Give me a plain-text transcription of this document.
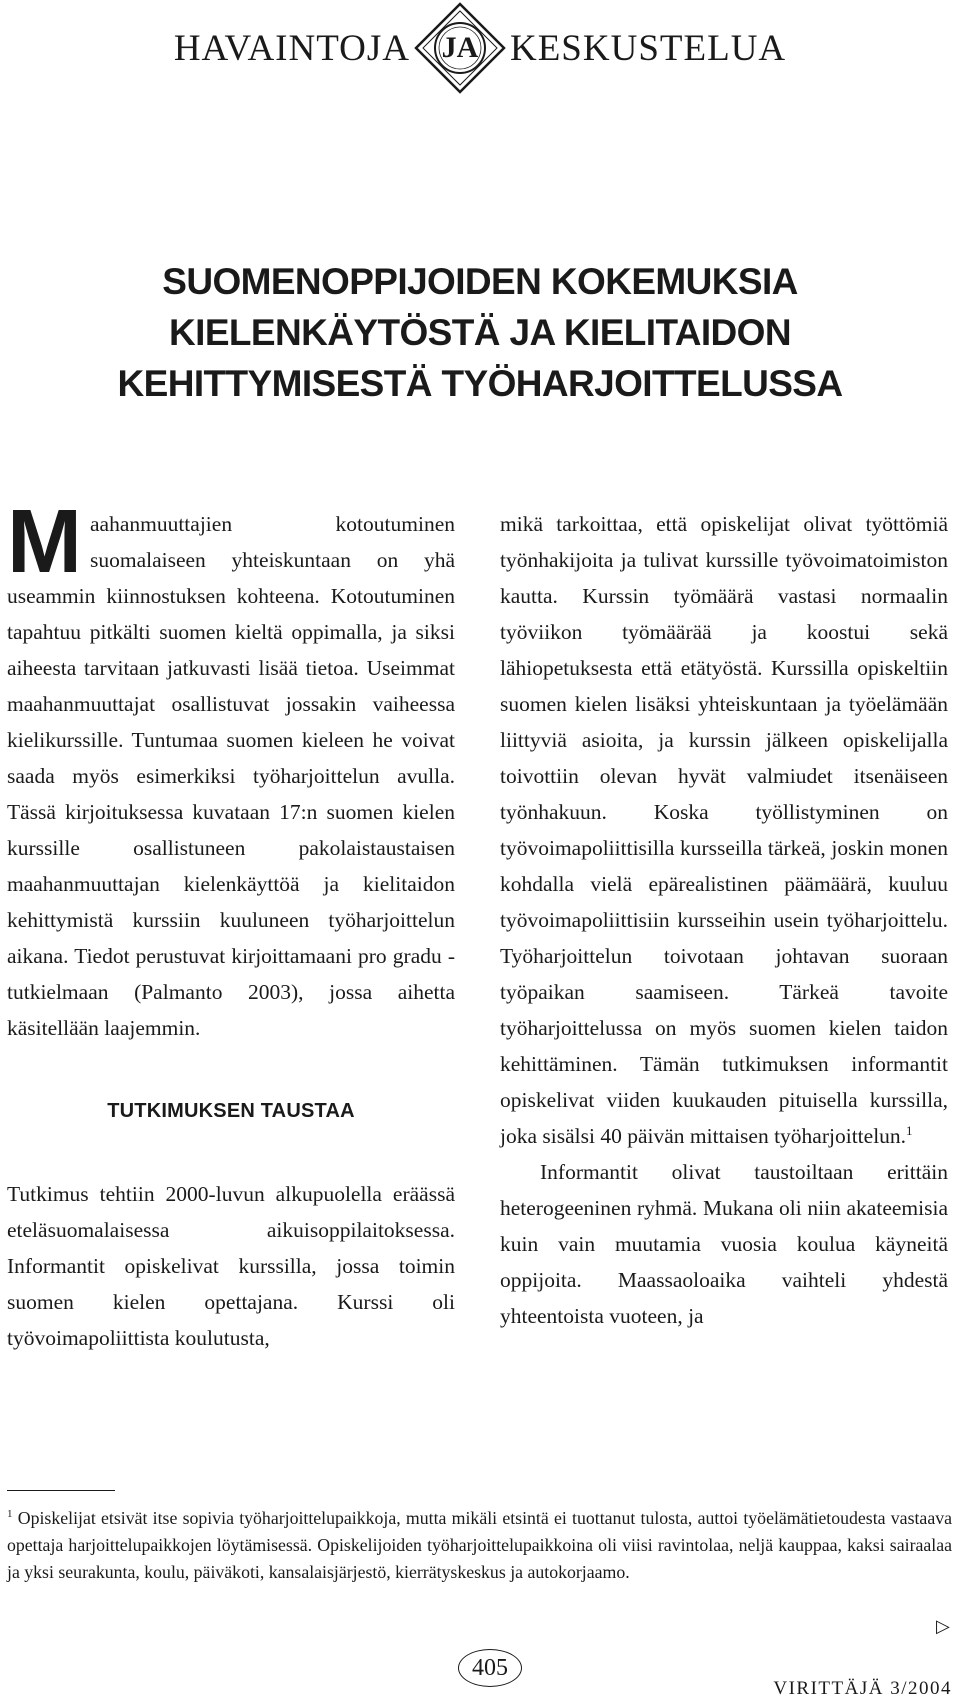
HAVAINTOJA JA KESKUSTELUA
SUOMENOPPIJOIDEN KOKEMUKSIA
KIELENKÄYTÖSTÄ JA KIELITAIDON
KEHITTYMISESTÄ TYÖHARJOITTELUSSA

Maahanmuuttajien kotoutuminen suomalaiseen yhteiskuntaan on yhä useammin kiinnostuksen kohteena. Kotoutuminen tapahtuu pitkälti suomen kieltä oppimalla, ja siksi aiheesta tarvitaan jatkuvasti lisää tietoa. Useimmat maahanmuuttajat osallistuvat jossakin vaiheessa kielikurssille. Tuntumaa suomen kieleen he voivat saada myös esimerkiksi työharjoittelun avulla. Tässä kirjoituksessa kuvataan 17:n suomen kielen kurssille osallistuneen pakolaistaustaisen maahanmuuttajan kielenkäyttöä ja kielitaidon kehittymistä kurssiin kuuluneen työharjoittelun aikana. Tiedot perustuvat kirjoittamaani pro gradu -tutkielmaan (Palmanto 2003), jossa aihetta käsitellään laajemmin.

TUTKIMUKSEN TAUSTAA

Tutkimus tehtiin 2000-luvun alkupuolella eräässä eteläsuomalaisessa aikuisoppilaitoksessa. Informantit opiskelivat kurssilla, jossa toimin suomen kielen opettajana. Kurssi oli työvoimapoliittista koulutusta,

mikä tarkoittaa, että opiskelijat olivat työttömiä työnhakijoita ja tulivat kurssille työvoimatoimiston kautta. Kurssin työmäärä vastasi normaalin työviikon työmäärää ja koostui sekä lähiopetuksesta että etätyöstä. Kurssilla opiskeltiin suomen kielen lisäksi yhteiskuntaan ja työelämään liittyviä asioita, ja kurssin jälkeen opiskelijalla toivottiin olevan hyvät valmiudet itsenäiseen työnhakuun. Koska työllistyminen on työvoimapoliittisilla kursseilla tärkeä, joskin monen kohdalla vielä epärealistinen päämäärä, kuuluu työvoimapoliittisiin kursseihin usein työharjoittelu. Työharjoittelun toivotaan johtavan suoraan työpaikan saamiseen. Tärkeä tavoite työharjoittelussa on myös suomen kielen taidon kehittäminen. Tämän tutkimuksen informantit opiskelivat viiden kuukauden pituisella kurssilla, joka sisälsi 40 päivän mittaisen työharjoittelun.$^1$

Informantit olivat taustoiltaan erittäin heterogeeninen ryhmä. Mukana oli niin akateemisia kuin vain muutamia vuosia koulua käyneitä oppijoita. Maassaoloaika vaihteli yhdestä yhteentoista vuoteen, ja

$^1$ Opiskelijat etsivät itse sopivia työharjoittelupaikkoja, mutta mikäli etsintä ei tuottanut tulosta, auttoi työelämätietoudesta vastaava opettaja harjoittelupaikkojen löytämisessä. Opiskelijoiden työharjoittelupaikkoina oli viisi ravintolaa, neljä kauppaa, kaksi sairaalaa ja yksi seurakunta, koulu, päiväkoti, kansalaisjärjestö, kierrätyskeskus ja autokorjaamo.

▷
405
VIRITTÄJÄ 3/2004
